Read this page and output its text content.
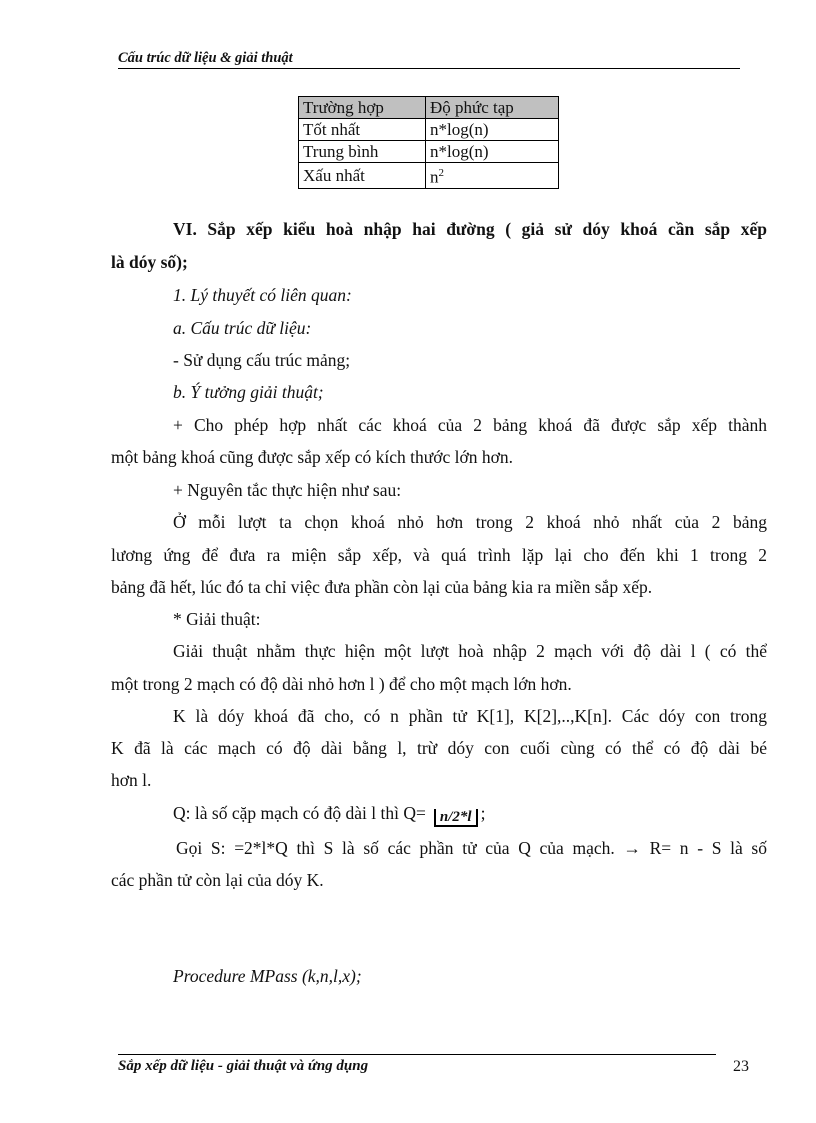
Cấu trúc dữ liệu & giải thuật
Trường hợp	Độ phức tạp
Tốt nhất	n*log(n)
Trung bình	n*log(n)
Xấu nhất	$n^2$
VI. Sắp xếp kiểu hoà nhập hai đường ( giả sử dóy khoá cần sắp xếp
là dóy số);
1. Lý thuyết có liên quan:
a. Cấu trúc dữ liệu:
- Sử dụng cấu trúc mảng;
b. Ý tưởng giải thuật;
+ Cho phép hợp nhất các khoá của 2 bảng khoá đã được sắp xếp thành
một bảng khoá cũng được sắp xếp có kích thước lớn hơn.
+ Nguyên tắc thực hiện như sau:
Ở mỗi lượt ta chọn khoá nhỏ hơn trong 2 khoá nhỏ nhất của 2 bảng
lương ứng để đưa ra miện sắp xếp, và quá trình lặp lại cho đến khi 1 trong 2
bảng đã hết, lúc đó ta chỉ việc đưa phần còn lại của bảng kia ra miền sắp xếp.
* Giải thuật:
Giải thuật nhằm thực hiện một lượt hoà nhập 2 mạch với độ dài l ( có thể
một trong 2 mạch có độ dài nhỏ hơn l ) để cho một mạch lớn hơn.
K là dóy khoá đã cho, có n phần tử K[1], K[2],..,K[n]. Các dóy con trong
K đã là các mạch có độ dài bằng l, trừ dóy con cuối cùng có thể có độ dài bé
hơn l.
Q: là số cặp mạch có độ dài l thì Q= n/2*l ;
Gọi S: =2*l*Q thì S là số các phần tử của Q của mạch. → R= n - S là số
các phần tử còn lại của dóy K.
Procedure MPass (k,n,l,x);
Sắp xếp dữ liệu - giải thuật và ứng dụng	23
